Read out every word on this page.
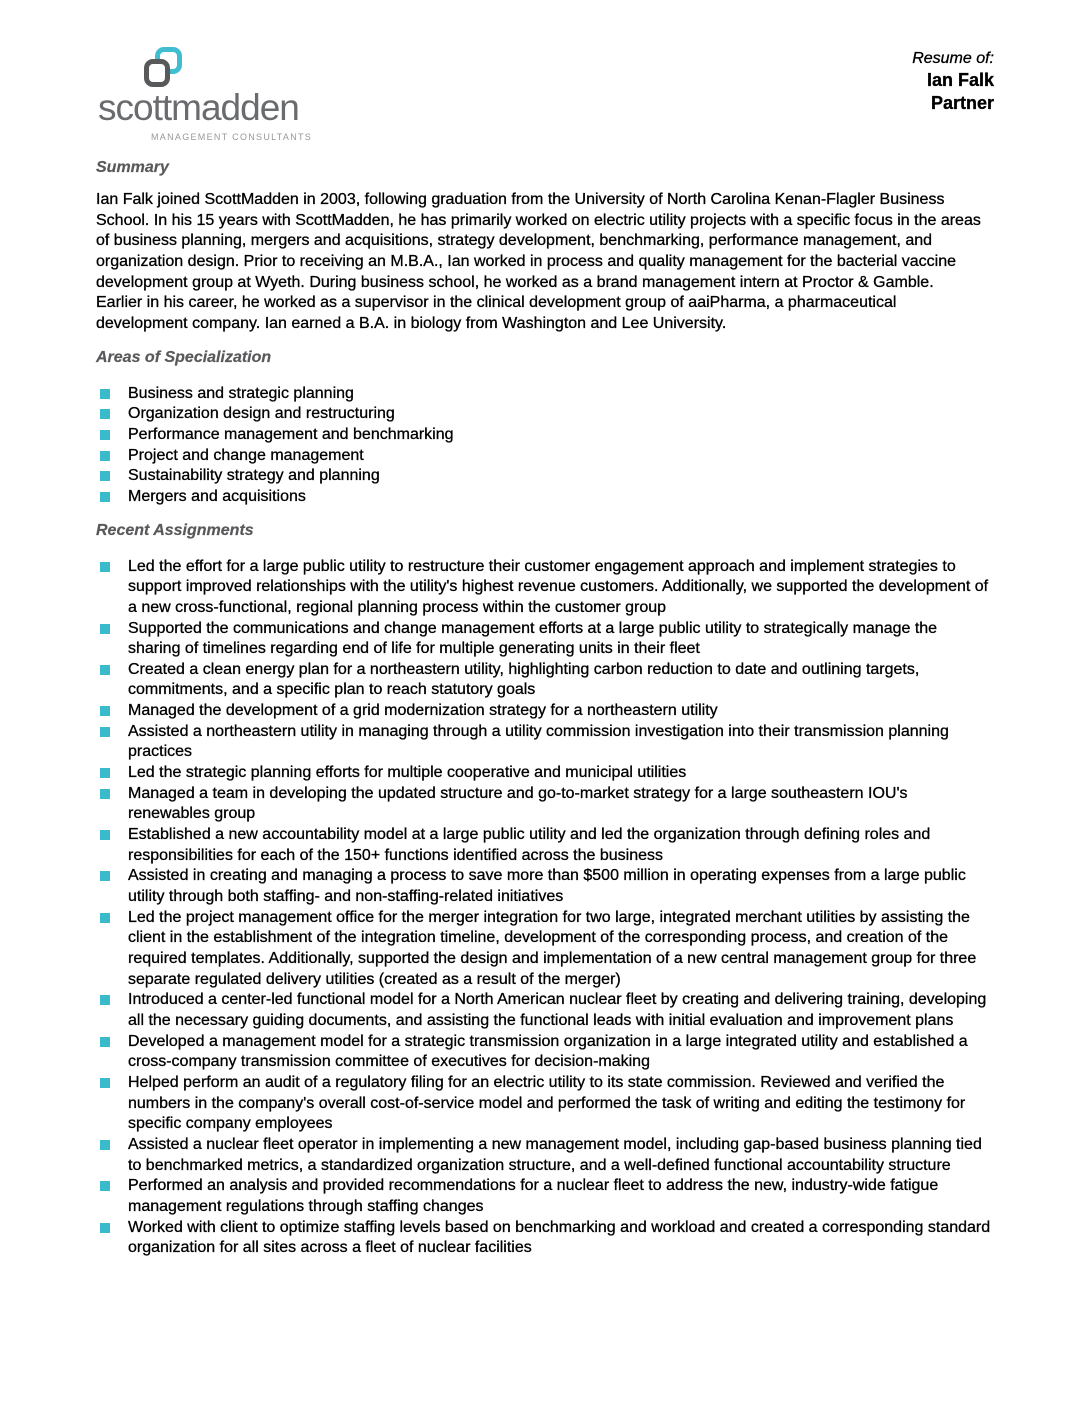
scottmadden
MANAGEMENT CONSULTANTS
Resume of:
Ian Falk
Partner
Summary

Ian Falk joined ScottMadden in 2003, following graduation from the University of North Carolina Kenan-Flagler Business School. In his 15 years with ScottMadden, he has primarily worked on electric utility projects with a specific focus in the areas of business planning, mergers and acquisitions, strategy development, benchmarking, performance management, and organization design. Prior to receiving an M.B.A., Ian worked in process and quality management for the bacterial vaccine development group at Wyeth. During business school, he worked as a brand management intern at Proctor & Gamble. Earlier in his career, he worked as a supervisor in the clinical development group of aaiPharma, a pharmaceutical development company. Ian earned a B.A. in biology from Washington and Lee University.

Areas of Specialization
Business and strategic planning
Organization design and restructuring
Performance management and benchmarking
Project and change management
Sustainability strategy and planning
Mergers and acquisitions
Recent Assignments
Led the effort for a large public utility to restructure their customer engagement approach and implement strategies to support improved relationships with the utility's highest revenue customers. Additionally, we supported the development of a new cross-functional, regional planning process within the customer group
Supported the communications and change management efforts at a large public utility to strategically manage the sharing of timelines regarding end of life for multiple generating units in their fleet
Created a clean energy plan for a northeastern utility, highlighting carbon reduction to date and outlining targets, commitments, and a specific plan to reach statutory goals
Managed the development of a grid modernization strategy for a northeastern utility
Assisted a northeastern utility in managing through a utility commission investigation into their transmission planning practices
Led the strategic planning efforts for multiple cooperative and municipal utilities
Managed a team in developing the updated structure and go-to-market strategy for a large southeastern IOU's renewables group
Established a new accountability model at a large public utility and led the organization through defining roles and responsibilities for each of the 150+ functions identified across the business
Assisted in creating and managing a process to save more than $500 million in operating expenses from a large public utility through both staffing- and non-staffing-related initiatives
Led the project management office for the merger integration for two large, integrated merchant utilities by assisting the client in the establishment of the integration timeline, development of the corresponding process, and creation of the required templates. Additionally, supported the design and implementation of a new central management group for three separate regulated delivery utilities (created as a result of the merger)
Introduced a center-led functional model for a North American nuclear fleet by creating and delivering training, developing all the necessary guiding documents, and assisting the functional leads with initial evaluation and improvement plans
Developed a management model for a strategic transmission organization in a large integrated utility and established a cross-company transmission committee of executives for decision-making
Helped perform an audit of a regulatory filing for an electric utility to its state commission. Reviewed and verified the numbers in the company's overall cost-of-service model and performed the task of writing and editing the testimony for specific company employees
Assisted a nuclear fleet operator in implementing a new management model, including gap-based business planning tied to benchmarked metrics, a standardized organization structure, and a well-defined functional accountability structure
Performed an analysis and provided recommendations for a nuclear fleet to address the new, industry-wide fatigue management regulations through staffing changes
Worked with client to optimize staffing levels based on benchmarking and workload and created a corresponding standard organization for all sites across a fleet of nuclear facilities
